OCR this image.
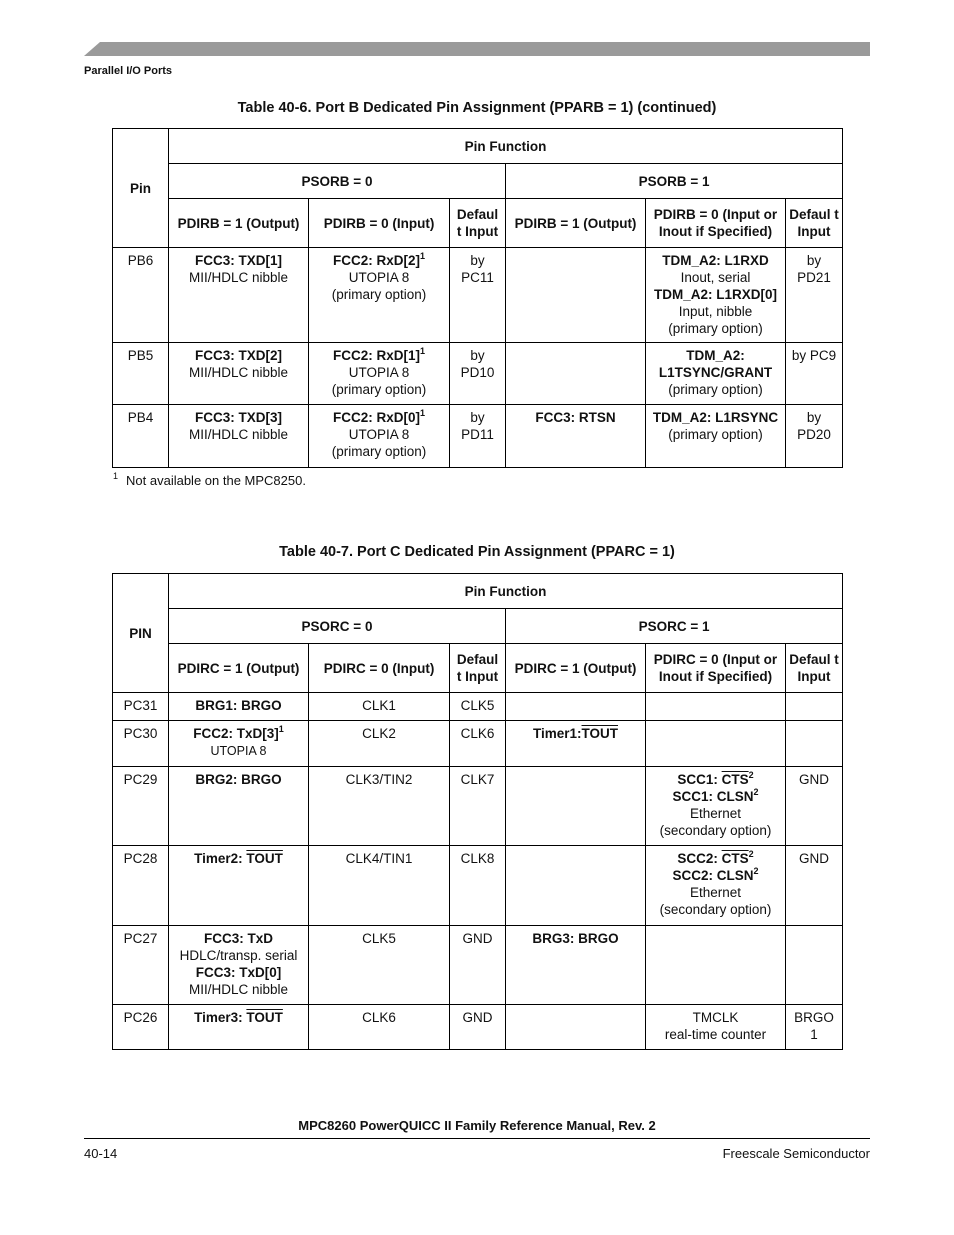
Parallel I/O Ports
Table 40-6. Port B Dedicated Pin Assignment (PPARB = 1) (continued)
Pin	Pin Function					
	PSORB = 0			PSORB = 1		
	PDIRB = 1 (Output)	PDIRB = 0 (Input)	Defaul t Input	PDIRB = 1 (Output)	PDIRB = 0 (Input or
Inout if Specified)	Defaul t Input
PB6	FCC3: TXD[1]
MII/HDLC nibble	FCC2: $RxD[2]^1$
UTOPIA 8
(primary option)	by
PC11		TDM_A2: L1RXD
Inout, serial
TDM_A2: L1RXD[0]
Input, nibble
(primary option)	by
PD21
PB5	FCC3: TXD[2]
MII/HDLC nibble	FCC2: $RxD[1]^1$
UTOPIA 8
(primary option)	by
PD10		TDM_A2:
L1TSYNC/GRANT
(primary option)	by PC9
PB4	FCC3: TXD[3]
MII/HDLC nibble	FCC2: $RxD[0]^1$
UTOPIA 8
(primary option)	by
PD11	FCC3: RTSN	TDM_A2: L1RSYNC
(primary option)	by
PD20
$^1$ Not available on the MPC8250.
Table 40-7. Port C Dedicated Pin Assignment (PPARC = 1)
PIN	Pin Function					
	PSORC = 0			PSORC = 1		
	PDIRC = 1 (Output)	PDIRC = 0 (Input)	Defaul t Input	PDIRC = 1 (Output)	PDIRC = 0 (Input or
Inout if Specified)	Defaul t Input
PC31	BRG1: BRGO	CLK1	CLK5			
PC30	FCC2: $TxD[3]^1$
UTOPIA 8	CLK2	CLK6	Timer1:TOUT		
PC29	BRG2: BRGO	CLK3/TIN2	CLK7		SCC1: $\overline{CTS}^2$
SCC1: CLSN$^2$
Ethernet
(secondary option)	GND
PC28	Timer2: TOUT	CLK4/TIN1	CLK8		SCC2: $\overline{CTS}^2$
SCC2: CLSN$^2$
Ethernet
(secondary option)	GND
PC27	FCC3: TxD
HDLC/transp. serial
FCC3: TxD[0]
MII/HDLC nibble	CLK5	GND	BRG3: BRGO		
PC26	Timer3: TOUT	CLK6	GND		TMCLK
real-time counter	BRGO
1
MPC8260 PowerQUICC II Family Reference Manual, Rev. 2
40-14	Freescale Semiconductor
